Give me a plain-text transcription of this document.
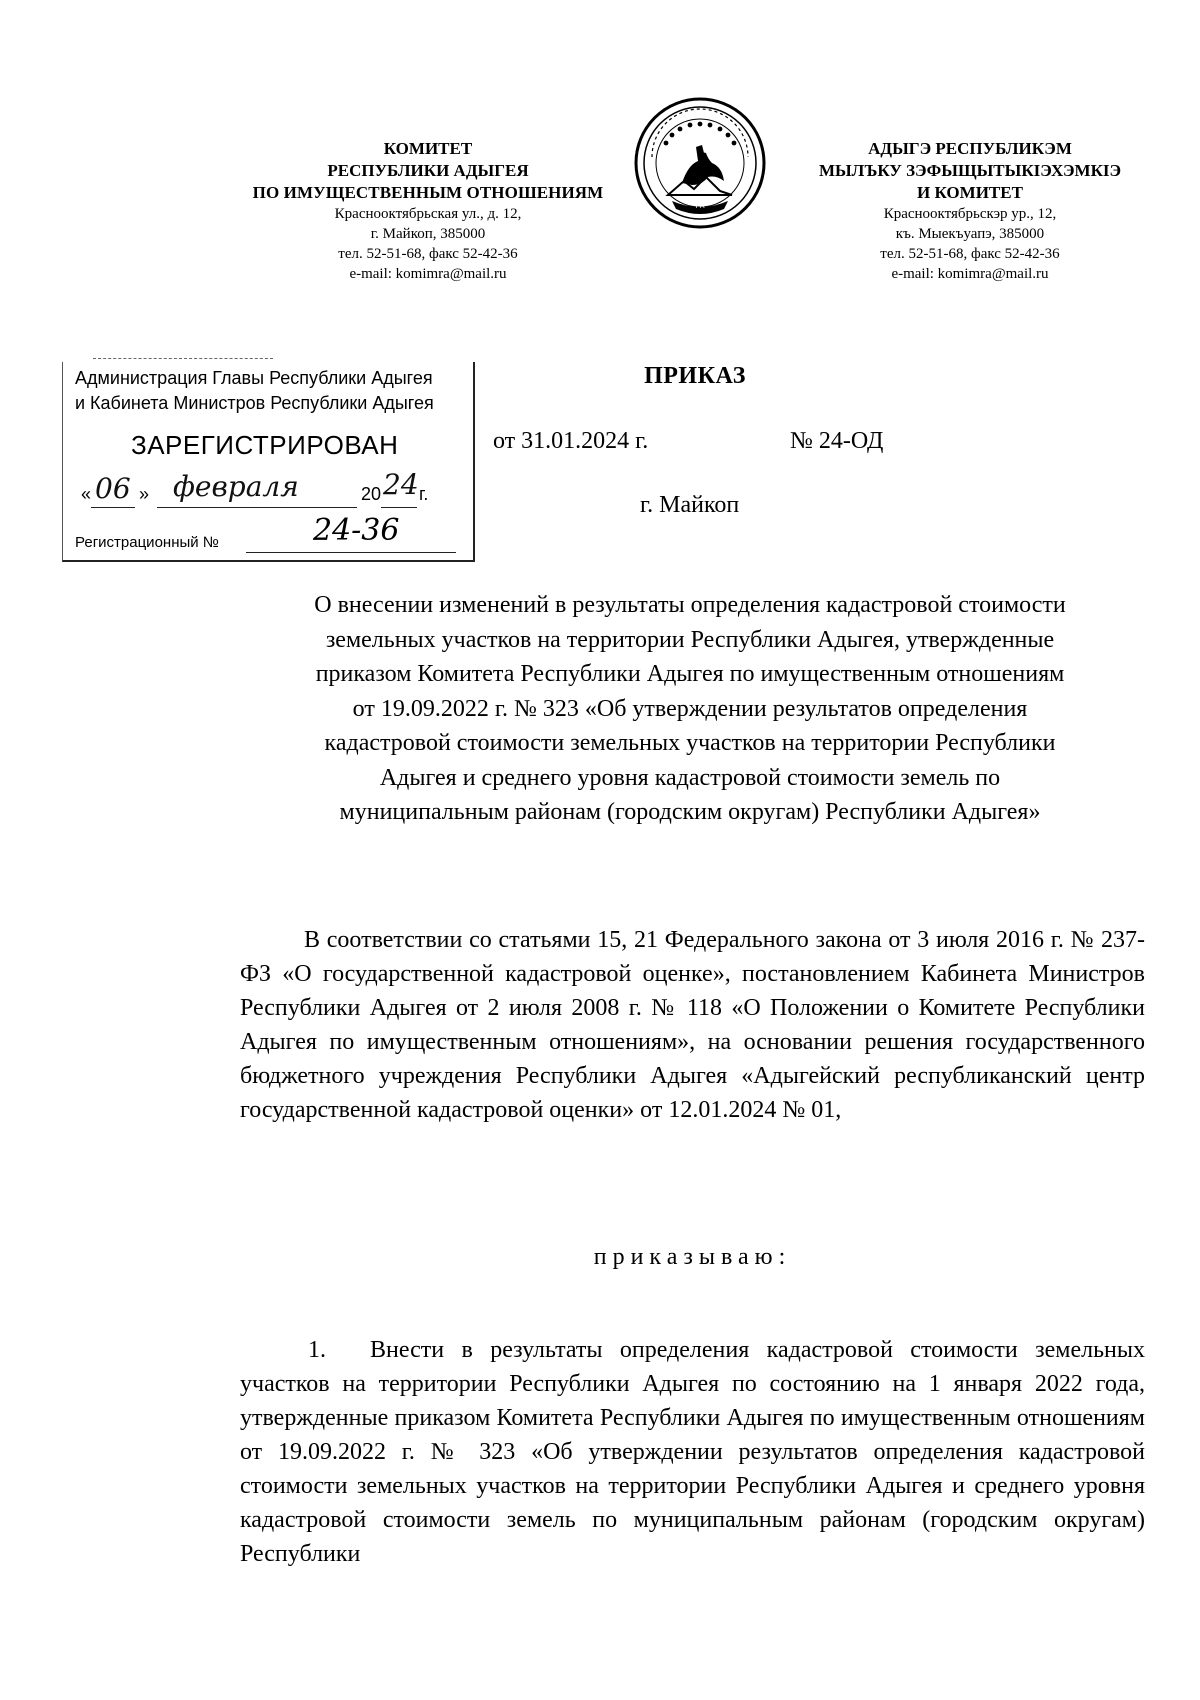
КОМИТЕТ

РЕСПУБЛИКИ АДЫГЕЯ

ПО ИМУЩЕСТВЕННЫМ ОТНОШЕНИЯМ

Краснооктябрьская ул., д. 12,

г. Майкоп, 385000

тел. 52-51-68, факс 52-42-36

e-mail: komimra@mail.ru

РА

АДЫГЭ РЕСПУБЛИКЭМ

МЫЛЪКУ ЗЭФЫЩЫТЫКІЭХЭМКІЭ

И КОМИТЕТ

Краснооктябрьскэр ур., 12,

къ. Мыекъуапэ, 385000

тел. 52-51-68, факс 52-42-36

e-mail: komimra@mail.ru

Администрация Главы Республики Адыгея
и Кабинета Министров Республики Адыгея
ЗАРЕГИСТРИРОВАН
« 06 » февраля	20 24 г.
Регистрационный №	24-36
ПРИКАЗ
от 31.01.2024 г.	№ 24-ОД
г. Майкоп
О внесении изменений в результаты определения кадастровой стоимости
земельных участков на территории Республики Адыгея, утвержденные
приказом Комитета Республики Адыгея по имущественным отношениям
от 19.09.2022 г. № 323 «Об утверждении результатов определения
кадастровой стоимости земельных участков на территории Республики
Адыгея и среднего уровня кадастровой стоимости земель по
муниципальным районам (городским округам) Республики Адыгея»

В соответствии со статьями 15, 21 Федерального закона от 3 июля 2016 г. № 237-ФЗ «О государственной кадастровой оценке», постановлением Кабинета Министров Республики Адыгея от 2 июля 2008 г. № 118 «О Положении о Комитете Республики Адыгея по имущественным отношениям», на основании решения государственного бюджетного учреждения Республики Адыгея «Адыгейский республиканский центр государственной кадастровой оценки» от 12.01.2024 № 01,

приказываю:

1. Внести в результаты определения кадастровой стоимости земельных участков на территории Республики Адыгея по состоянию на 1 января 2022 года, утвержденные приказом Комитета Республики Адыгея по имущественным отношениям от 19.09.2022 г. № 323 «Об утверждении результатов определения кадастровой стоимости земельных участков на территории Республики Адыгея и среднего уровня кадастровой стоимости земель по муниципальным районам (городским округам) Республики
